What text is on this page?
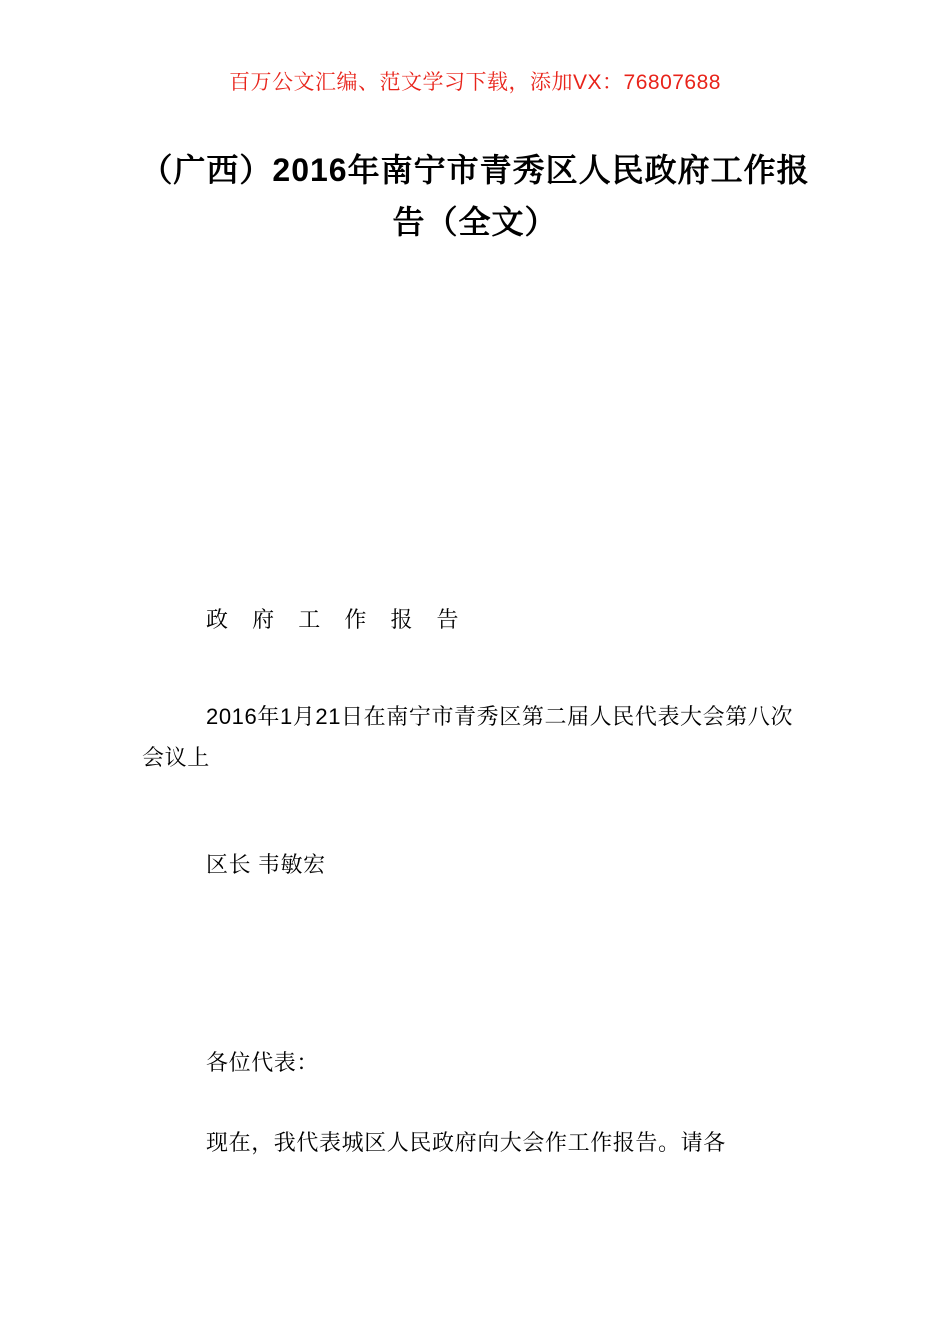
百万公文汇编、范文学习下载，添加VX：76807688
（广西）2016年南宁市青秀区人民政府工作报告（全文）
政 府 工 作 报 告
2016年1月21日在南宁市青秀区第二届人民代表大会第八次会议上
区长 韦敏宏
各位代表：
现在，我代表城区人民政府向大会作工作报告。请各
